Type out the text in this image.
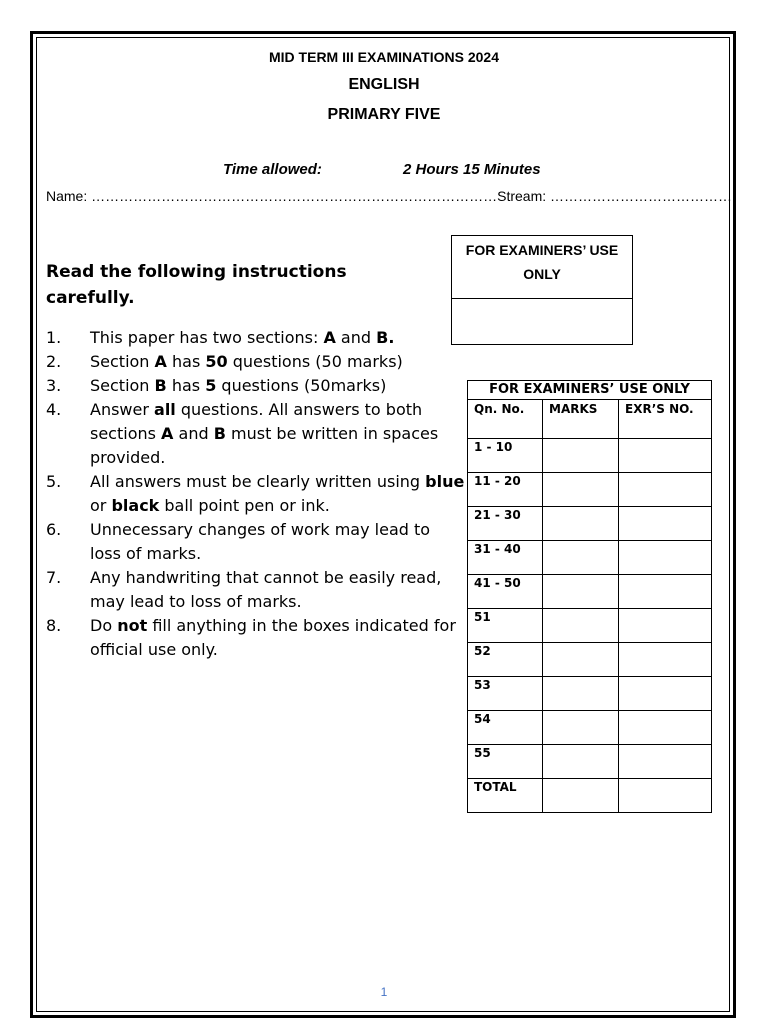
MID TERM III EXAMINATIONS 2024
ENGLISH
PRIMARY FIVE
Time allowed:	2 Hours 15 Minutes
Name: ……………………………………………………………………………Stream: …………………………………
FOR EXAMINERS’ USE ONLY
Read the following instructions carefully.
1. This paper has two sections: A and B.
2. Section A has 50 questions (50 marks)
3. Section B has 5 questions (50marks)
4. Answer all questions. All answers to both sections A and B must be written in spaces provided.
5. All answers must be clearly written using blue or black ball point pen or ink.
6. Unnecessary changes of work may lead to loss of marks.
7. Any handwriting that cannot be easily read, may lead to loss of marks.
8. Do not fill anything in the boxes indicated for official use only.
FOR EXAMINERS’ USE ONLY		
Qn. No.	MARKS	EXR’S NO.
1 - 10		
11 - 20		
21 - 30		
31 - 40		
41 - 50		
51		
52		
53		
54		
55		
TOTAL		
1
